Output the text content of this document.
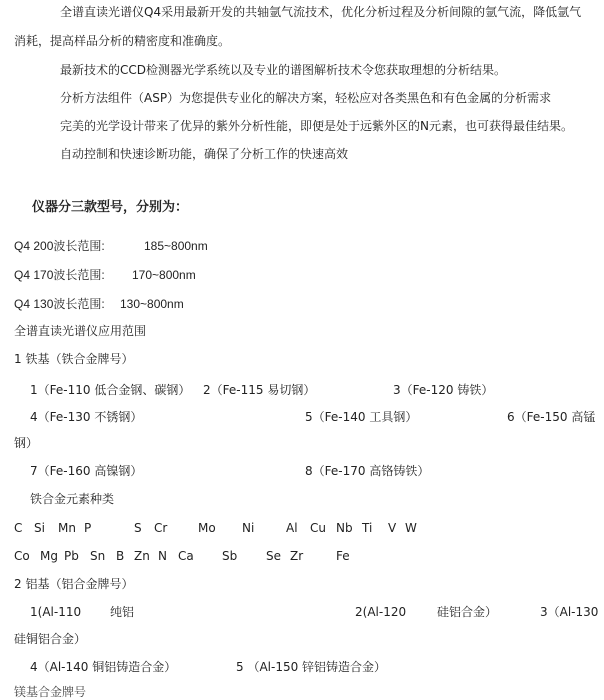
全谱直读光谱仪Q4采用最新开发的共轴氩气流技术，优化分析过程及分析间隙的氩气流，降低氩气
消耗，提高样品分析的精密度和准确度。
最新技术的CCD检测器光学系统以及专业的谱图解析技术令您获取理想的分析结果。
分析方法组件（ASP）为您提供专业化的解决方案，轻松应对各类黑色和有色金属的分析需求
完美的光学设计带来了优异的紫外分析性能，即便是处于远紫外区的N元素，也可获得最佳结果。
自动控制和快速诊断功能，确保了分析工作的快速高效
仪器分三款型号，分别为：
Q4 200波长范围:	185~800nm
Q4 170波长范围: 170~800nm
Q4 130波长范围: 130~800nm
全谱直读光谱仪应用范围
1 铁基（铁合金牌号）
1（Fe-110 低合金钢、碳钢） 2（Fe-115 易切钢）	3（Fe-120 铸铁）
4（Fe-130 不锈钢）	5（Fe-140 工具钢）	6（Fe-150 高锰
钢）
7（Fe-160 高镍钢）	8（Fe-170 高铬铸铁）
铁合金元素种类
C Si Mn P	S Cr	Mo Ni	Al Cu Nb Ti V W
Co Mg Pb Sn B Zn N Ca Sb Se Zr	Fe
2 铝基（铝合金牌号）
1(Al-110 纯铝	2(Al-120	硅铝合金）	3（Al-130
硅铜铝合金）
4（Al-140 铜铝铸造合金）	5 （Al-150 锌铝铸造合金）
镁基合金牌号
